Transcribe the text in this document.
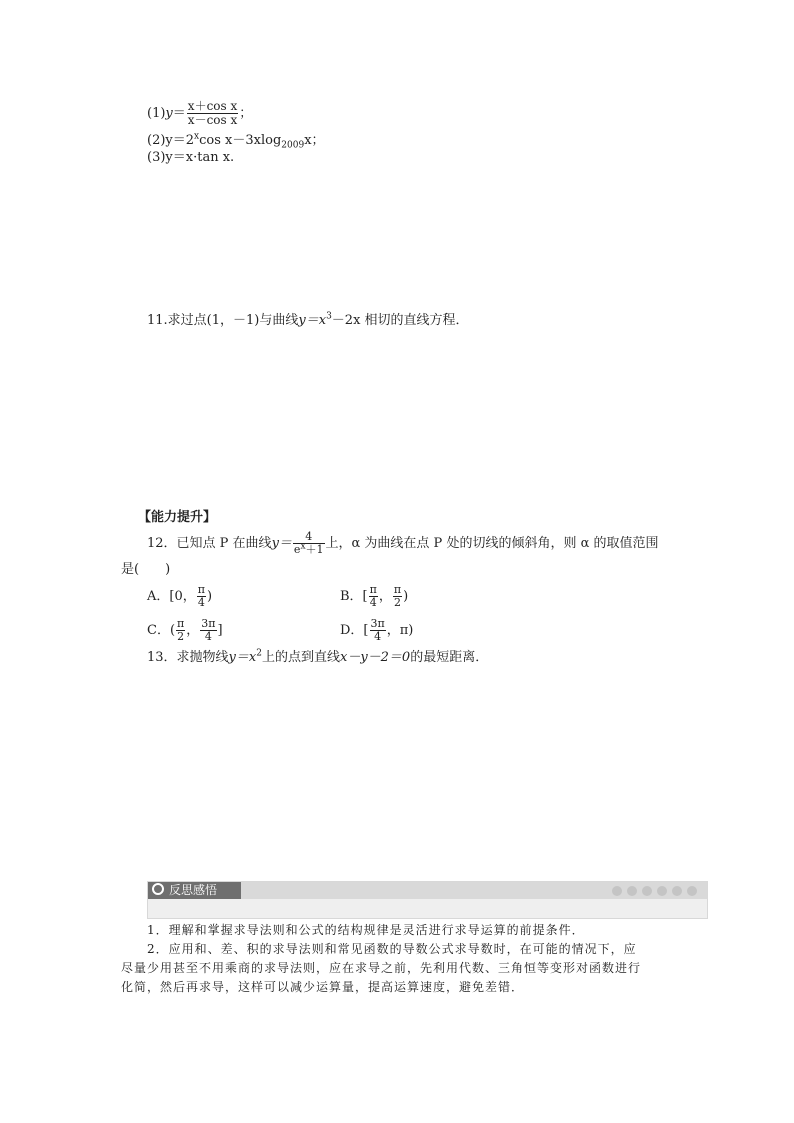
$(1)y= \frac{\text{x＋cos x}}{\text{x－cos x}}$ ；
$(2)y=2^x\cos$ x－3xlog$_{2009}$x；
(3)y＝x·tan x.
11.求过点(1，－1)与曲线$y=x^3-2x$ 相切的直线方程．
【能力提升】
12．已知点 P 在曲线$y= \frac{4}{e^x+1}$ 上，α 为曲线在点 P 处的切线的倾斜角，则 α 的取值范围
是(　　)
A．[0， $\frac{\pi}{4}$ )	B．[ $\frac{\pi}{4}$ ， $\frac{\pi}{2}$ )
C．( $\frac{\pi}{2}$ ， $\frac{3\pi}{4}$ ]	D．[ $\frac{3\pi}{4}$ ，π)
13．求抛物线$y=x^2$上的点到直线x－y－2＝0的最短距离．
反思感悟
1．理解和掌握求导法则和公式的结构规律是灵活进行求导运算的前提条件．
2．应用和、差、积的求导法则和常见函数的导数公式求导数时，在可能的情况下，应
尽量少用甚至不用乘商的求导法则，应在求导之前，先利用代数、三角恒等变形对函数进行
化简，然后再求导，这样可以减少运算量，提高运算速度，避免差错．
